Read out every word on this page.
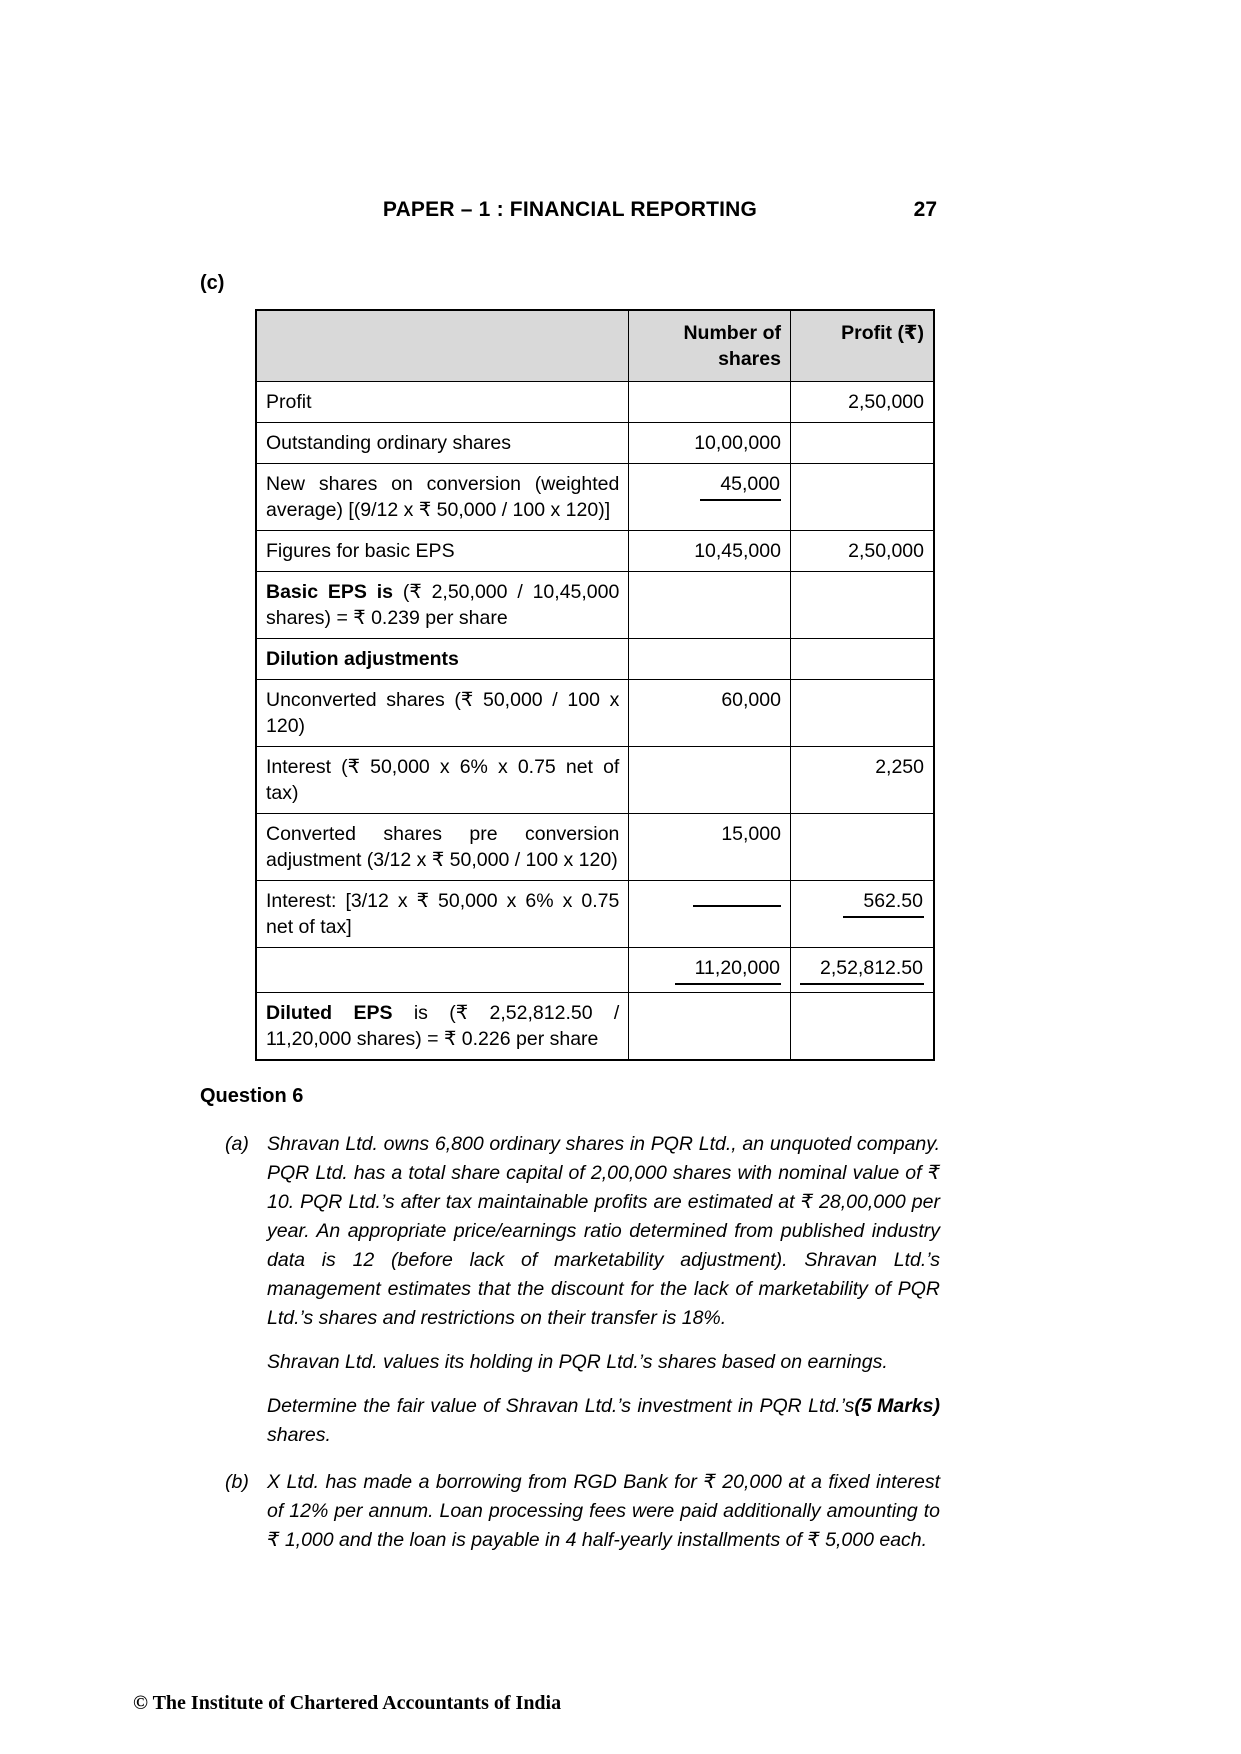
PAPER – 1 : FINANCIAL REPORTING	27
(c)
	Number of shares	Profit (₹)
Profit		2,50,000
Outstanding ordinary shares	10,00,000	
New shares on conversion (weighted average) [(9/12 x ₹ 50,000 / 100 x 120)]	45,000	
Figures for basic EPS	10,45,000	2,50,000
Basic EPS is (₹ 2,50,000 / 10,45,000 shares) = ₹ 0.239 per share		
Dilution adjustments		
Unconverted shares (₹ 50,000 / 100 x 120)	60,000	
Interest (₹ 50,000 x 6% x 0.75 net of tax)		2,250
Converted shares pre conversion adjustment (3/12 x ₹ 50,000 / 100 x 120)	15,000	
Interest: [3/12 x ₹ 50,000 x 6% x 0.75 net of tax]		562.50
	11,20,000	2,52,812.50
Diluted EPS is (₹ 2,52,812.50 / 11,20,000 shares) = ₹ 0.226 per share		
Question 6
(a) Shravan Ltd. owns 6,800 ordinary shares in PQR Ltd., an unquoted company. PQR Ltd. has a total share capital of 2,00,000 shares with nominal value of ₹ 10. PQR Ltd.’s after tax maintainable profits are estimated at ₹ 28,00,000 per year. An appropriate price/earnings ratio determined from published industry data is 12 (before lack of marketability adjustment). Shravan Ltd.’s management estimates that the discount for the lack of marketability of PQR Ltd.’s shares and restrictions on their transfer is 18%.

Shravan Ltd. values its holding in PQR Ltd.’s shares based on earnings.

Determine the fair value of Shravan Ltd.’s investment in PQR Ltd.’s shares.
(5 Marks)

(b) X Ltd. has made a borrowing from RGD Bank for ₹ 20,000 at a fixed interest of 12% per annum. Loan processing fees were paid additionally amounting to ₹ 1,000 and the loan is payable in 4 half-yearly installments of ₹ 5,000 each.

© The Institute of Chartered Accountants of India
